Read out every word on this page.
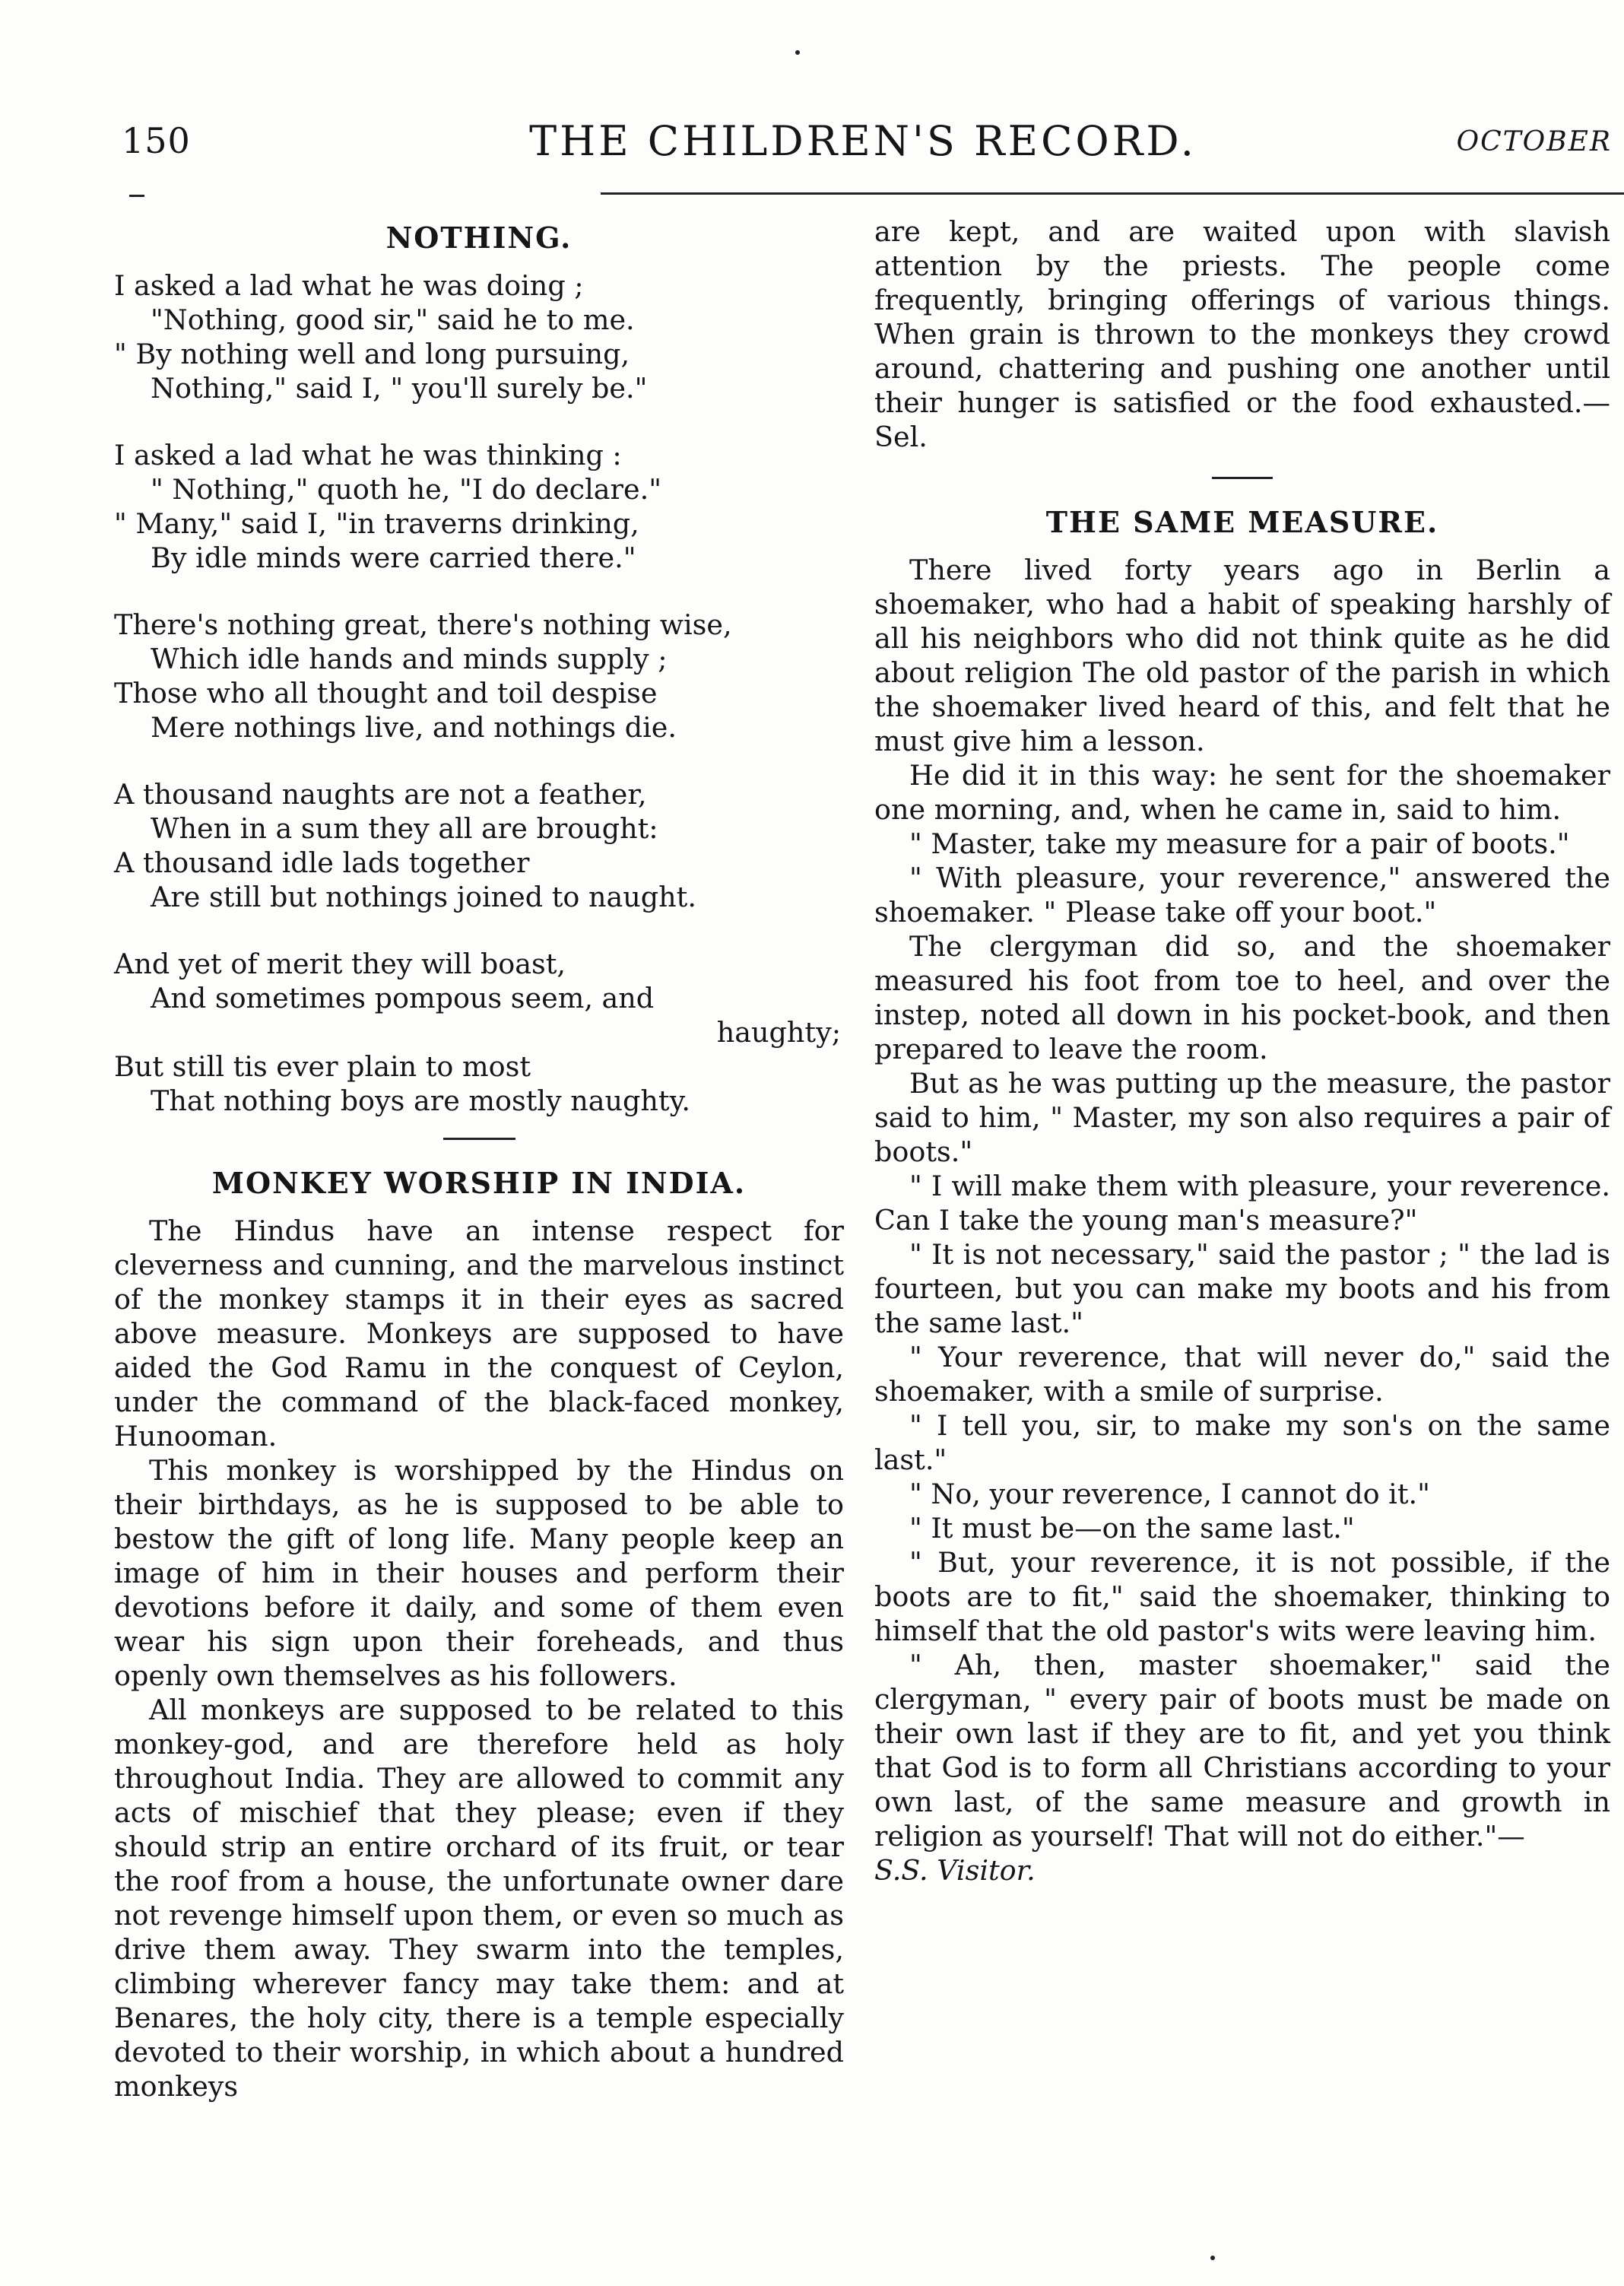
150	THE CHILDREN'S RECORD.	OCTOBER
NOTHING.
I asked a lad what he was doing ;
"Nothing, good sir," said he to me.
" By nothing well and long pursuing,
Nothing," said I, " you'll surely be."
I asked a lad what he was thinking :
" Nothing," quoth he, "I do declare."
" Many," said I, "in traverns drinking,
By idle minds were carried there."
There's nothing great, there's nothing wise,
Which idle hands and minds supply ;
Those who all thought and toil despise
Mere nothings live, and nothings die.
A thousand naughts are not a feather,
When in a sum they all are brought:
A thousand idle lads together
Are still but nothings joined to naught.
And yet of merit they will boast,
And sometimes pompous seem, and
haughty;
But still tis ever plain to most
That nothing boys are mostly naughty.
MONKEY WORSHIP IN INDIA.

The Hindus have an intense respect for cleverness and cunning, and the marvelous instinct of the monkey stamps it in their eyes as sacred above measure. Monkeys are supposed to have aided the God Ramu in the conquest of Ceylon, under the command of the black-faced monkey, Hunooman.

This monkey is worshipped by the Hindus on their birthdays, as he is supposed to be able to bestow the gift of long life. Many people keep an image of him in their houses and perform their devotions before it daily, and some of them even wear his sign upon their foreheads, and thus openly own themselves as his followers.

All monkeys are supposed to be related to this monkey-god, and are therefore held as holy throughout India. They are allowed to commit any acts of mischief that they please; even if they should strip an entire orchard of its fruit, or tear the roof from a house, the unfortunate owner dare not revenge himself upon them, or even so much as drive them away. They swarm into the temples, climbing wherever fancy may take them: and at Benares, the holy city, there is a temple especially devoted to their worship, in which about a hundred monkeys

are kept, and are waited upon with slavish attention by the priests. The people come frequently, bringing offerings of various things. When grain is thrown to the monkeys they crowd around, chattering and pushing one another until their hunger is satisfied or the food exhausted.—Sel.

THE SAME MEASURE.

There lived forty years ago in Berlin a shoemaker, who had a habit of speaking harshly of all his neighbors who did not think quite as he did about religion The old pastor of the parish in which the shoemaker lived heard of this, and felt that he must give him a lesson.

He did it in this way: he sent for the shoemaker one morning, and, when he came in, said to him.

" Master, take my measure for a pair of boots."

" With pleasure, your reverence," answered the shoemaker. " Please take off your boot."

The clergyman did so, and the shoemaker measured his foot from toe to heel, and over the instep, noted all down in his pocket-book, and then prepared to leave the room.

But as he was putting up the measure, the pastor said to him, " Master, my son also requires a pair of boots."

" I will make them with pleasure, your reverence. Can I take the young man's measure?"

" It is not necessary," said the pastor ; " the lad is fourteen, but you can make my boots and his from the same last."

" Your reverence, that will never do," said the shoemaker, with a smile of surprise.

" I tell you, sir, to make my son's on the same last."

" No, your reverence, I cannot do it."

" It must be—on the same last."

" But, your reverence, it is not possible, if the boots are to fit," said the shoemaker, thinking to himself that the old pastor's wits were leaving him.

" Ah, then, master shoemaker," said the clergyman, " every pair of boots must be made on their own last if they are to fit, and yet you think that God is to form all Christians according to your own last, of the same measure and growth in religion as yourself! That will not do either."—

S.S. Visitor.
